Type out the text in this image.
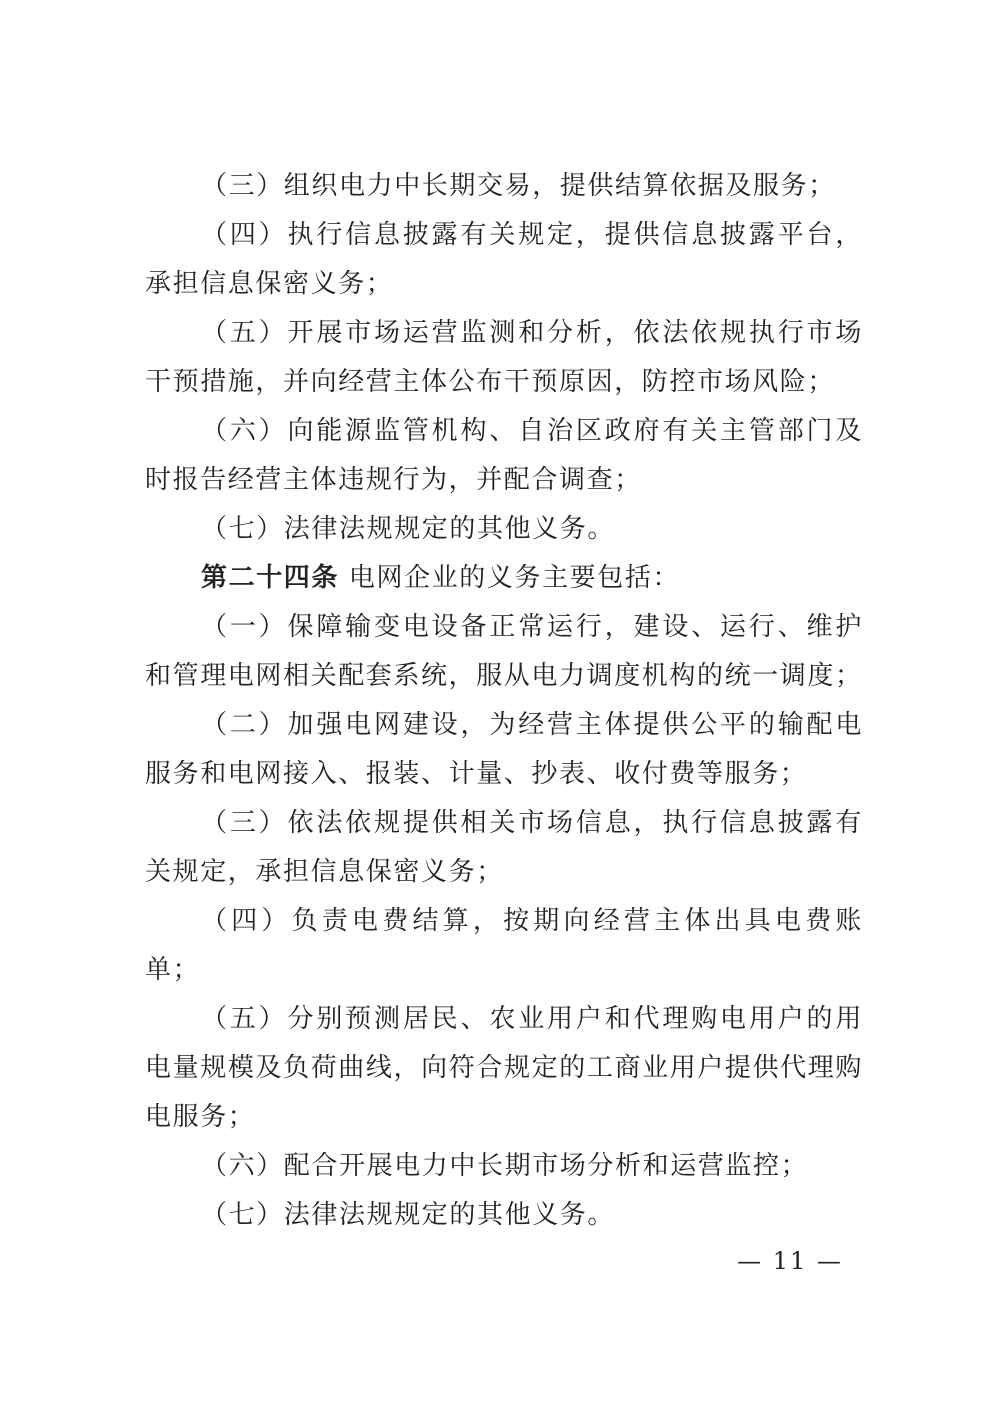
（三）组织电力中长期交易，提供结算依据及服务；

（四）执行信息披露有关规定，提供信息披露平台，承担信息保密义务；

（五）开展市场运营监测和分析，依法依规执行市场干预措施，并向经营主体公布干预原因，防控市场风险；

（六）向能源监管机构、自治区政府有关主管部门及时报告经营主体违规行为，并配合调查；

（七）法律法规规定的其他义务。

第二十四条 电网企业的义务主要包括：

（一）保障输变电设备正常运行，建设、运行、维护和管理电网相关配套系统，服从电力调度机构的统一调度；

（二）加强电网建设，为经营主体提供公平的输配电服务和电网接入、报装、计量、抄表、收付费等服务；

（三）依法依规提供相关市场信息，执行信息披露有关规定，承担信息保密义务；

（四）负责电费结算，按期向经营主体出具电费账单；

（五）分别预测居民、农业用户和代理购电用户的用电量规模及负荷曲线，向符合规定的工商业用户提供代理购电服务；

（六）配合开展电力中长期市场分析和运营监控；

（七）法律法规规定的其他义务。

— 11 —
